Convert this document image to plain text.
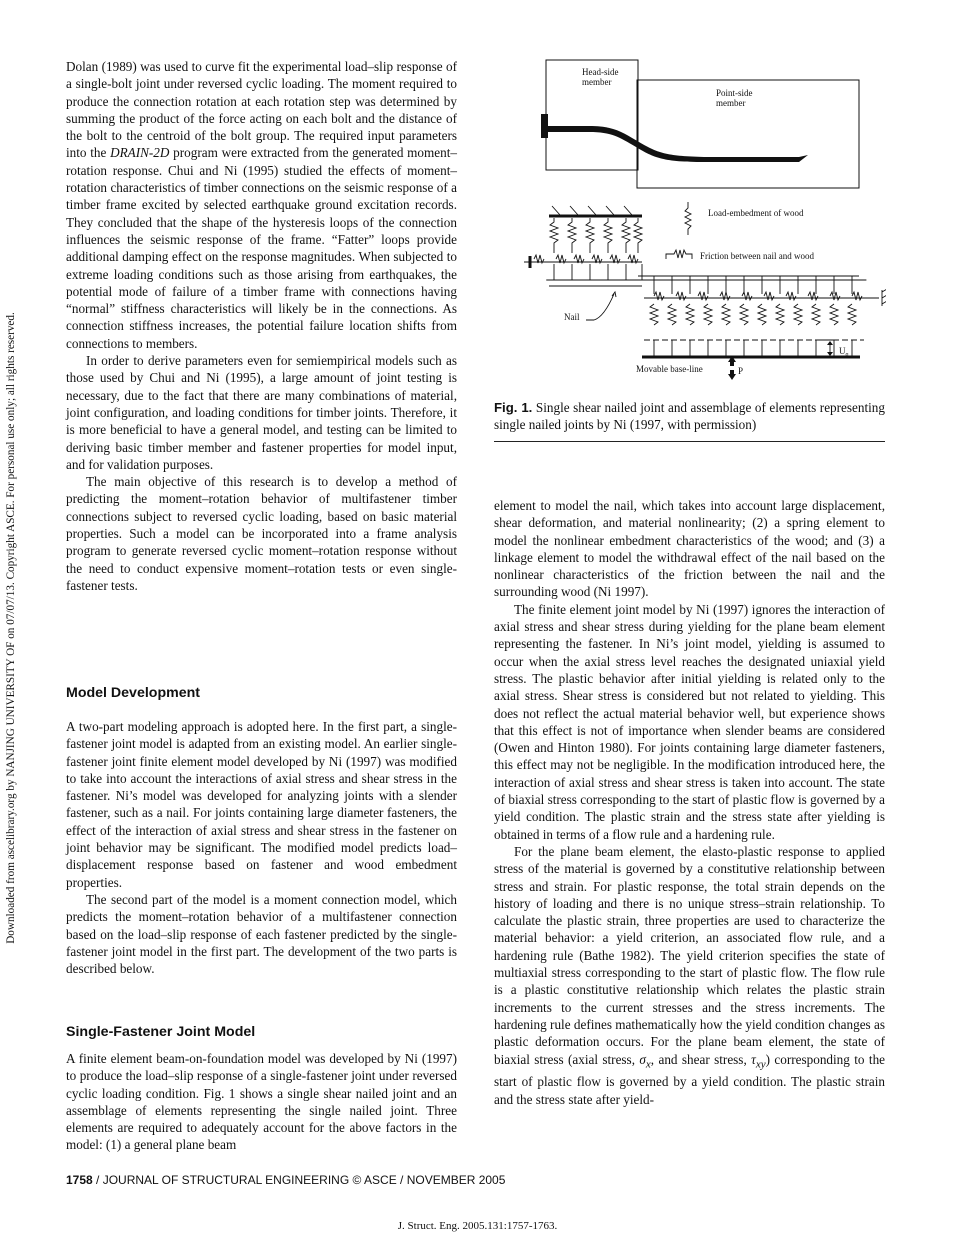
Downloaded from ascelibrary.org by NANJING UNIVERSITY OF on 07/07/13. Copyright ASCE. For personal use only; all rights reserved.

Dolan (1989) was used to curve fit the experimental load–slip response of a single-bolt joint under reversed cyclic loading. The moment required to produce the connection rotation at each rotation step was determined by summing the product of the force acting on each bolt and the distance of the bolt to the centroid of the bolt group. The required input parameters into the DRAIN-2D program were extracted from the generated moment–rotation response. Chui and Ni (1995) studied the effects of moment–rotation characteristics of timber connections on the seismic response of a timber frame excited by selected earthquake ground excitation records. They concluded that the shape of the hysteresis loops of the connection influences the seismic response of the frame. “Fatter” loops provide additional damping effect on the response magnitudes. When subjected to extreme loading conditions such as those arising from earthquakes, the potential mode of failure of a timber frame with connections having “normal” stiffness characteristics will likely be in the connections. As connection stiffness increases, the potential failure location shifts from connections to members.

In order to derive parameters even for semiempirical models such as those used by Chui and Ni (1995), a large amount of joint testing is necessary, due to the fact that there are many combinations of material, joint configuration, and loading conditions for timber joints. Therefore, it is more beneficial to have a general model, and testing can be limited to deriving basic timber member and fastener properties for model input, and for validation purposes.

The main objective of this research is to develop a method of predicting the moment–rotation behavior of multifastener timber connections subject to reversed cyclic loading, based on basic material properties. Such a model can be incorporated into a frame analysis program to generate reversed cyclic moment–rotation response without the need to conduct expensive moment–rotation tests or even single-fastener tests.

Model Development

A two-part modeling approach is adopted here. In the first part, a single-fastener joint model is adapted from an existing model. An earlier single-fastener joint finite element model developed by Ni (1997) was modified to take into account the interactions of axial stress and shear stress in the fastener. Ni’s model was developed for analyzing joints with a slender fastener, such as a nail. For joints containing large diameter fasteners, the effect of the interaction of axial stress and shear stress in the fastener on joint behavior may be significant. The modified model predicts load–displacement response based on fastener and wood embedment properties.

The second part of the model is a moment connection model, which predicts the moment–rotation behavior of a multifastener connection based on the load–slip response of each fastener predicted by the single-fastener joint model in the first part. The development of the two parts is described below.

Single-Fastener Joint Model

A finite element beam-on-foundation model was developed by Ni (1997) to produce the load–slip response of a single-fastener joint under reversed cyclic loading condition. Fig. 1 shows a single shear nailed joint and an assemblage of elements representing the single nailed joint. Three elements are required to adequately account for the above factors in the model: (1) a general plane beam

Head-side
member
Point-side
member
Load-embedment of wood
Friction between nail and wood
Nail
Movable base-line	P
$U_q$
Fig. 1. Single shear nailed joint and assemblage of elements representing single nailed joints by Ni (1997, with permission)

element to model the nail, which takes into account large displacement, shear deformation, and material nonlinearity; (2) a spring element to model the nonlinear embedment characteristics of the wood; and (3) a linkage element to model the withdrawal effect of the nail based on the nonlinear characteristics of the friction between the nail and the surrounding wood (Ni 1997).

The finite element joint model by Ni (1997) ignores the interaction of axial stress and shear stress during yielding for the plane beam element representing the fastener. In Ni’s joint model, yielding is assumed to occur when the axial stress level reaches the designated uniaxial yield stress. The plastic behavior after initial yielding is related only to the axial stress. Shear stress is considered but not related to yielding. This does not reflect the actual material behavior well, but experience shows that this effect is not of importance when slender beams are considered (Owen and Hinton 1980). For joints containing large diameter fasteners, this effect may not be negligible. In the modification introduced here, the interaction of axial stress and shear stress is taken into account. The state of biaxial stress corresponding to the start of plastic flow is governed by a yield condition. The plastic strain and the stress state after yielding is obtained in terms of a flow rule and a hardening rule.

For the plane beam element, the elasto-plastic response to applied stress of the material is governed by a constitutive relationship between stress and strain. For plastic response, the total strain depends on the history of loading and there is no unique stress–strain relationship. To calculate the plastic strain, three properties are used to characterize the material behavior: a yield criterion, an associated flow rule, and a hardening rule (Bathe 1982). The yield criterion specifies the state of multiaxial stress corresponding to the start of plastic flow. The flow rule is a plastic constitutive relationship which relates the plastic strain increments to the current stresses and the stress increments. The hardening rule defines mathematically how the yield condition changes as plastic deformation occurs. For the plane beam element, the state of biaxial stress (axial stress, $\sigma_x$, and shear stress, $\tau_{xy}$) corresponding to the start of plastic flow is governed by a yield condition. The plastic strain and the stress state after yield-

1758 / JOURNAL OF STRUCTURAL ENGINEERING © ASCE / NOVEMBER 2005
J. Struct. Eng. 2005.131:1757-1763.
